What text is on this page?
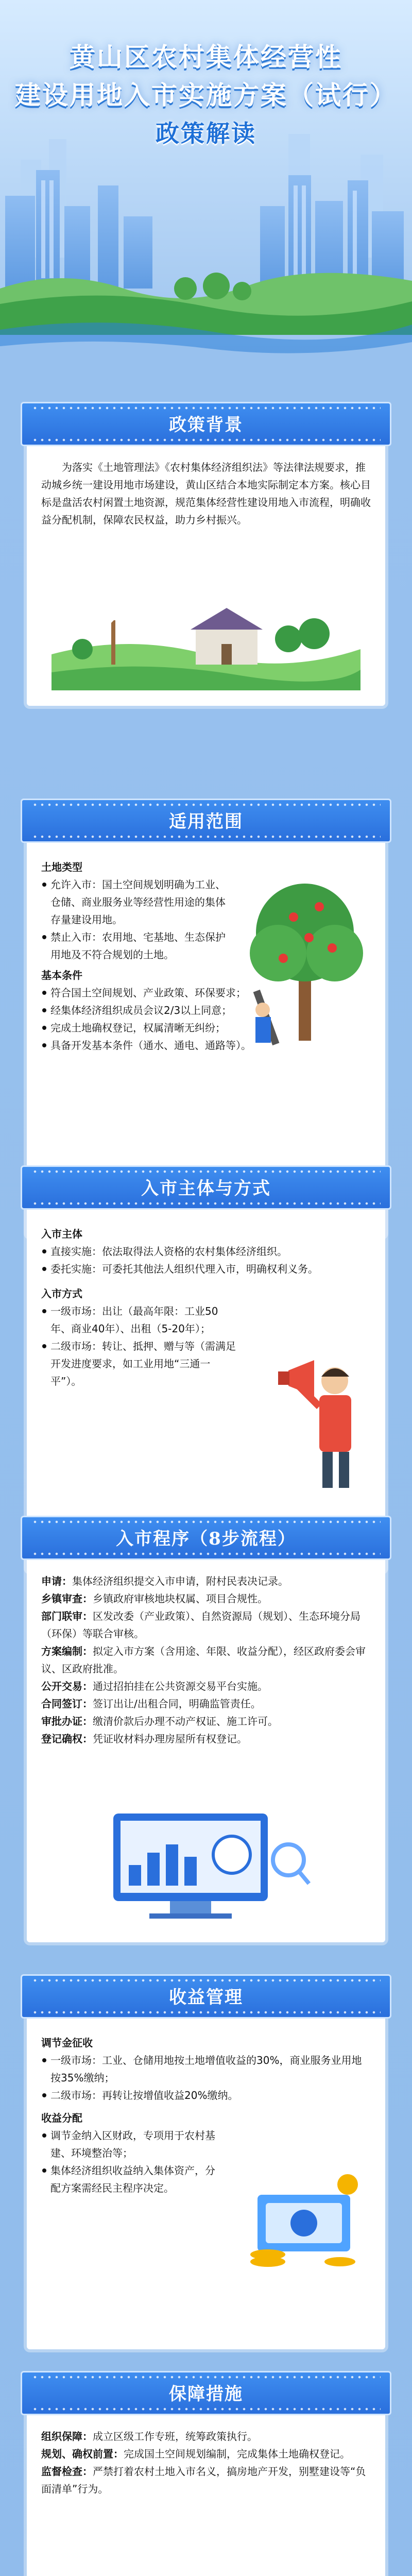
黄山区农村集体经营性
建设用地入市实施方案（试行）
政策解读
政策背景

为落实《土地管理法》《农村集体经济组织法》等法律法规要求，推动城乡统一建设用地市场建设，黄山区结合本地实际制定本方案。核心目标是盘活农村闲置土地资源，规范集体经营性建设用地入市流程，明确收益分配机制，保障农民权益，助力乡村振兴。

适用范围
土地类型
允许入市：国土空间规划明确为工业、仓储、商业服务业等经营性用途的集体存量建设用地。
禁止入市：农用地、宅基地、生态保护用地及不符合规划的土地。
基本条件
符合国土空间规划、产业政策、环保要求；
经集体经济组织成员会议2/3以上同意；
完成土地确权登记，权属清晰无纠纷；
具备开发基本条件（通水、通电、通路等）。
入市主体与方式
入市主体
直接实施：依法取得法人资格的农村集体经济组织。
委托实施：可委托其他法人组织代理入市，明确权利义务。
入市方式
一级市场：出让（最高年限：工业50年、商业40年）、出租（5-20年）；
二级市场：转让、抵押、赠与等（需满足开发进度要求，如工业用地“三通一平”）。
入市程序（8步流程）
申请：集体经济组织提交入市申请，附村民表决记录。
乡镇审查：乡镇政府审核地块权属、项目合规性。
部门联审：区发改委（产业政策）、自然资源局（规划）、生态环境分局（环保）等联合审核。
方案编制：拟定入市方案（含用途、年限、收益分配），经区政府委会审议、区政府批准。
公开交易：通过招拍挂在公共资源交易平台实施。
合同签订：签订出让/出租合同，明确监管责任。
审批办证：缴清价款后办理不动产权证、施工许可。
登记确权：凭证收材料办理房屋所有权登记。
收益管理
调节金征收
一级市场：工业、仓储用地按土地增值收益的30%，商业服务业用地按35%缴纳；
二级市场：再转让按增值收益20%缴纳。
收益分配
调节金纳入区财政，专项用于农村基建、环境整治等；
集体经济组织收益纳入集体资产，分配方案需经民主程序决定。
保障措施
组织保障：成立区级工作专班，统筹政策执行。
规划、确权前置：完成国土空间规划编制，完成集体土地确权登记。
监督检查：严禁打着农村土地入市名义，搞房地产开发，别墅建设等“负面清单”行为。
